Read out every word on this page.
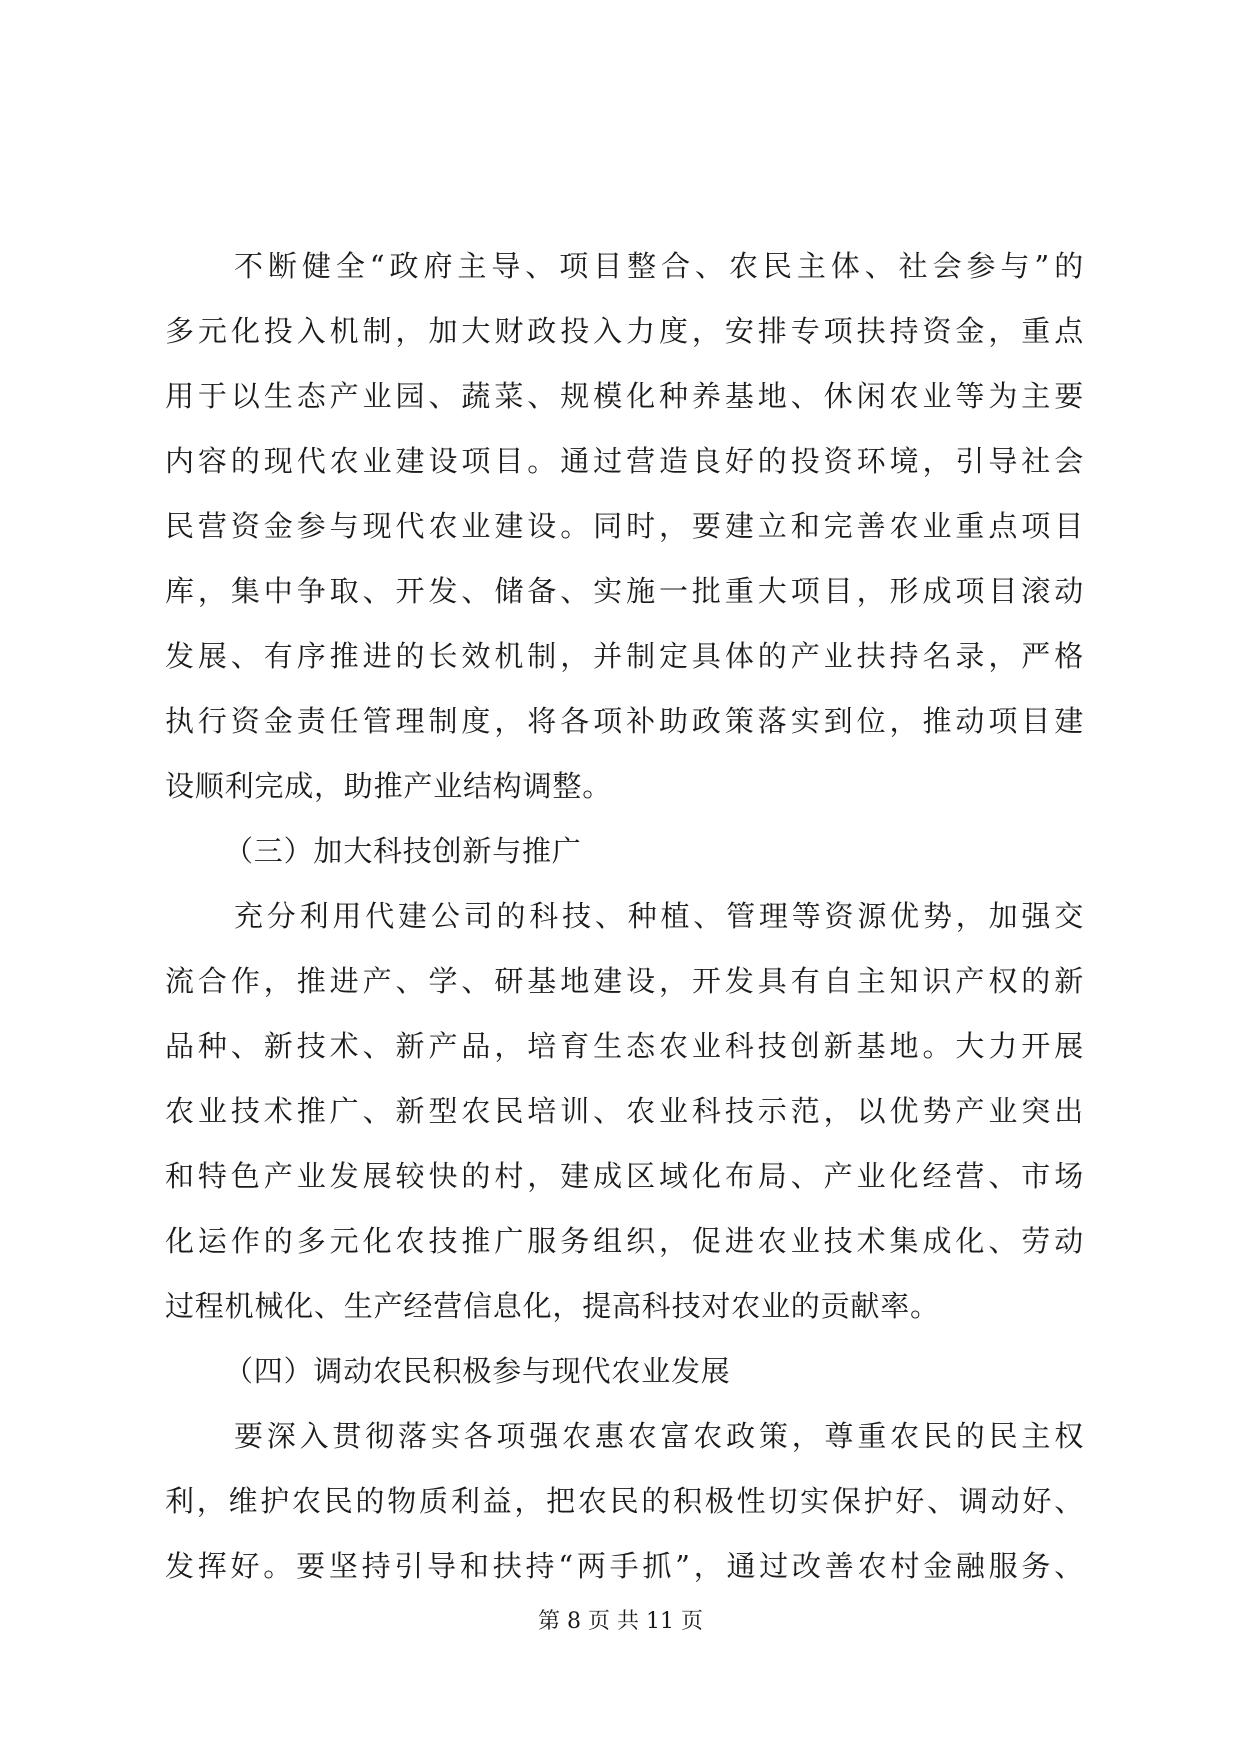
不断健全“政府主导、项目整合、农民主体、社会参与”的
多元化投入机制，加大财政投入力度，安排专项扶持资金，重点
用于以生态产业园、蔬菜、规模化种养基地、休闲农业等为主要
内容的现代农业建设项目。通过营造良好的投资环境，引导社会
民营资金参与现代农业建设。同时，要建立和完善农业重点项目
库，集中争取、开发、储备、实施一批重大项目，形成项目滚动
发展、有序推进的长效机制，并制定具体的产业扶持名录，严格
执行资金责任管理制度，将各项补助政策落实到位，推动项目建
设顺利完成，助推产业结构调整。
（三）加大科技创新与推广
充分利用代建公司的科技、种植、管理等资源优势，加强交
流合作，推进产、学、研基地建设，开发具有自主知识产权的新
品种、新技术、新产品，培育生态农业科技创新基地。大力开展
农业技术推广、新型农民培训、农业科技示范，以优势产业突出
和特色产业发展较快的村，建成区域化布局、产业化经营、市场
化运作的多元化农技推广服务组织，促进农业技术集成化、劳动
过程机械化、生产经营信息化，提高科技对农业的贡献率。
（四）调动农民积极参与现代农业发展
要深入贯彻落实各项强农惠农富农政策，尊重农民的民主权
利，维护农民的物质利益，把农民的积极性切实保护好、调动好、
发挥好。要坚持引导和扶持“两手抓”，通过改善农村金融服务、
第 8 页 共 11 页
